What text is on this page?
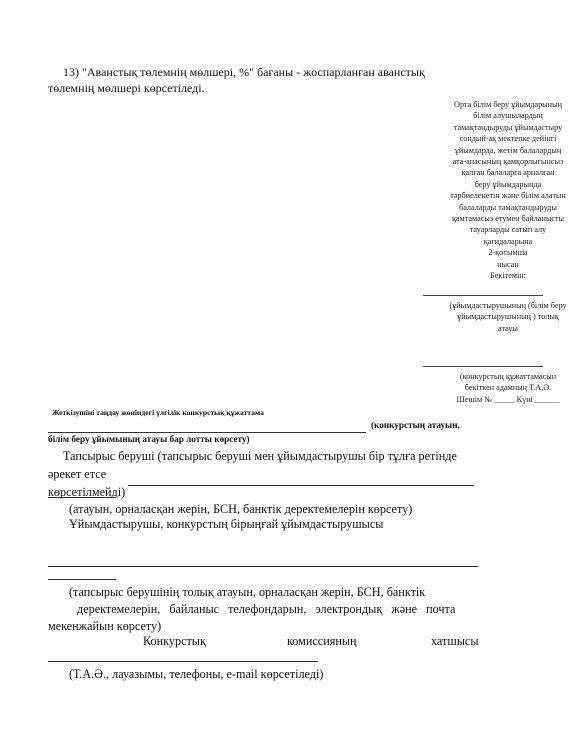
13) "Аванстық төлемнің мөлшері, %" бағаны - жоспарланған аванстық
төлемнің мөлшері көрсетіледі.
Орта білім беру ұйымдарының
білім алушылардың
тамақтандыруды ұйымдастыру
сондый-ақ мектепке дейінгі
ұйымдарда, жетім балалардың
ата-анасының қамқорлығынсыз
қалған балаларға арналған
беру ұйымдарында
тәрбиеленетін және білім алатын
балаларды тамақтандыруды
қамтамасыз етумен байланысты
тауарларды сатып алу
қaғидаларына
2-қосымша
нысан
Бекітемін:
(ұйымдастырушының (білім беру
ұйымдастырушының ) толық
атауы
(конкурстың құжаттамасын
бекіткен адамның Т.А.Ә.
Шешім № _____ Күні ______
Жеткізушіні таңдау жөніндегі үлгілік конкурстық құжаттама
(конкурстың атауын,
білім беру ұйымының атауы бар лотты көрсету)
Тапсырыс беруші (тапсырыс беруші мен ұйымдастырушы бір тұлға ретінде
әрекет етсе
көрсетілмейді)
(атауын, орналасқан жерін, БСН, банктік деректемелерін көрсету)
Ұйымдастырушы, конкурстың бірыңғай ұйымдастырушысы
(тапсырыс берушінің толық атауын, орналасқан жерін, БСН, банктік
деректемелерін, байланыс телефондарын, электрондық және почта
мекенжайын көрсету)
Конкурстық	комиссияның	хатшысы
(Т.А.Ә., лауазымы, телефоны, e-mail көрсетіледі)
